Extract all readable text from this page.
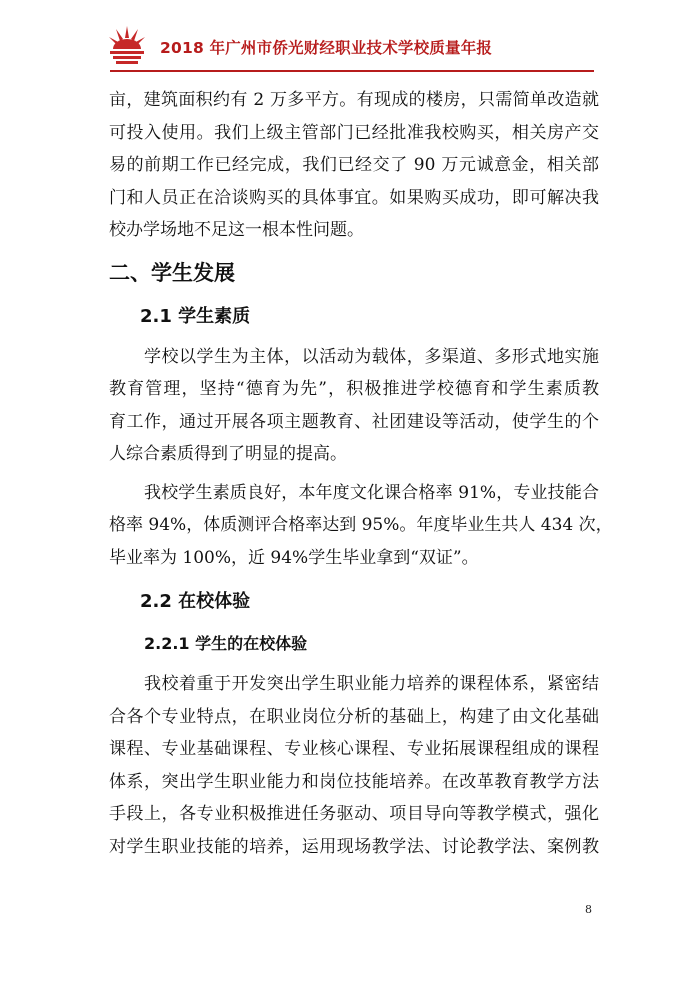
2018 年广州市侨光财经职业技术学校质量年报
亩，建筑面积约有 2 万多平方。有现成的楼房，只需简单改造就
可投入使用。我们上级主管部门已经批准我校购买，相关房产交
易的前期工作已经完成，我们已经交了 90 万元诚意金，相关部
门和人员正在洽谈购买的具体事宜。如果购买成功，即可解决我
校办学场地不足这一根本性问题。
二、学生发展
2.1 学生素质
学校以学生为主体，以活动为载体，多渠道、多形式地实施
教育管理，坚持“德育为先”，积极推进学校德育和学生素质教
育工作，通过开展各项主题教育、社团建设等活动，使学生的个
人综合素质得到了明显的提高。
我校学生素质良好，本年度文化课合格率 91%，专业技能合
格率 94%，体质测评合格率达到 95%。年度毕业生共人 434 次，
毕业率为 100%，近 94%学生毕业拿到“双证”。
2.2 在校体验
2.2.1 学生的在校体验
我校着重于开发突出学生职业能力培养的课程体系，紧密结
合各个专业特点，在职业岗位分析的基础上，构建了由文化基础
课程、专业基础课程、专业核心课程、专业拓展课程组成的课程
体系，突出学生职业能力和岗位技能培养。在改革教育教学方法
手段上，各专业积极推进任务驱动、项目导向等教学模式，强化
对学生职业技能的培养，运用现场教学法、讨论教学法、案例教
8
